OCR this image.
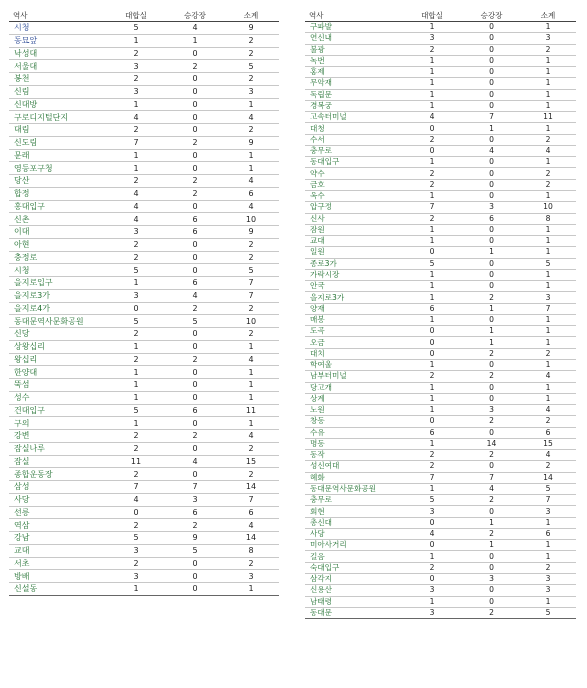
역사	대합실	승강장	소계
시청	5	4	9
동묘앞	1	1	2
낙성대	2	0	2
서울대	3	2	5
봉천	2	0	2
신림	3	0	3
신대방	1	0	1
구로디지털단지	4	0	4
대림	2	0	2
신도림	7	2	9
문래	1	0	1
영등포구청	1	0	1
당산	2	2	4
합정	4	2	6
홍대입구	4	0	4
신촌	4	6	10
이대	3	6	9
아현	2	0	2
충정로	2	0	2
시청	5	0	5
을지로입구	1	6	7
을지로3가	3	4	7
을지로4가	0	2	2
동대문역사문화공원	5	5	10
신당	2	0	2
상왕십리	1	0	1
왕십리	2	2	4
한양대	1	0	1
뚝섬	1	0	1
성수	1	0	1
건대입구	5	6	11
구의	1	0	1
강변	2	2	4
잠실나루	2	0	2
잠실	11	4	15
종합운동장	2	0	2
삼성	7	7	14
사당	4	3	7
선릉	0	6	6
역삼	2	2	4
강남	5	9	14
교대	3	5	8
서초	2	0	2
방배	3	0	3
신설동	1	0	1
역사	대합실	승강장	소계
구파발	1	0	1
연신내	3	0	3
불광	2	0	2
녹번	1	0	1
홍제	1	0	1
무악재	1	0	1
독립문	1	0	1
경복궁	1	0	1
고속터미널	4	7	11
대청	0	1	1
수서	2	0	2
충무로	0	4	4
동대입구	1	0	1
약수	2	0	2
금호	2	0	2
옥수	1	0	1
압구정	7	3	10
신사	2	6	8
잠원	1	0	1
교대	1	0	1
일원	0	1	1
종로3가	5	0	5
가락시장	1	0	1
안국	1	0	1
을지로3가	1	2	3
양재	6	1	7
매봉	1	0	1
도곡	0	1	1
오금	0	1	1
대치	0	2	2
학여울	1	0	1
남부터미널	2	2	4
당고개	1	0	1
상계	1	0	1
노원	1	3	4
창동	0	2	2
수유	6	0	6
명동	1	14	15
동작	2	2	4
성신여대	2	0	2
혜화	7	7	14
동대문역사문화공원	1	4	5
충무로	5	2	7
회현	3	0	3
총신대	0	1	1
사당	4	2	6
미아사거리	0	1	1
길음	1	0	1
숙대입구	2	0	2
삼각지	0	3	3
신용산	3	0	3
남태령	1	0	1
동대문	3	2	5
